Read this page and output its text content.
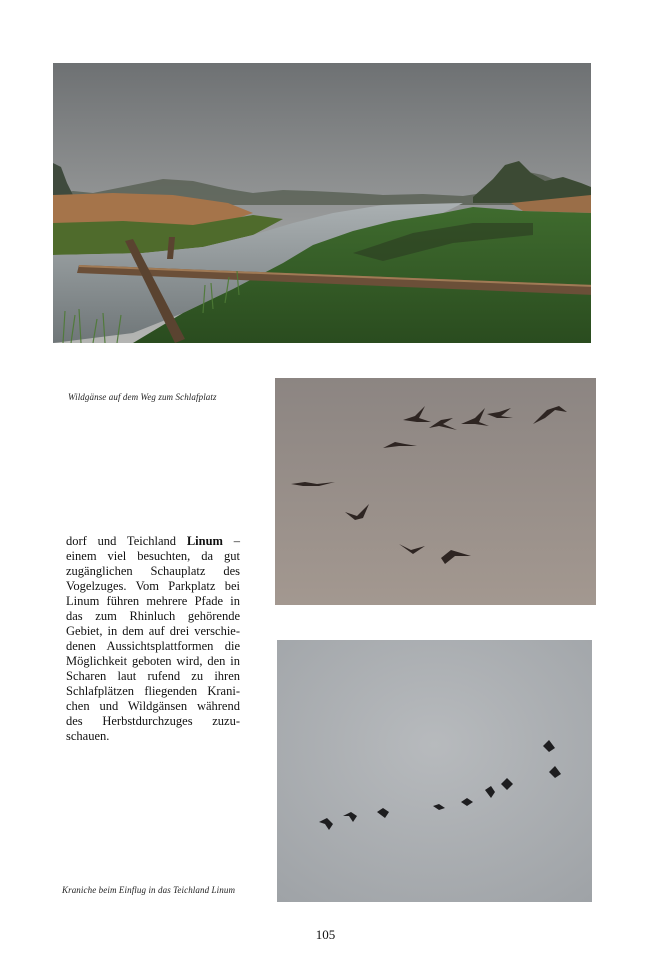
Wildgänse auf dem Weg zum Schlafplatz
dorf und Teichland Linum –
einem viel besuchten, da gut
zugänglichen Schauplatz des
Vogelzuges. Vom Parkplatz bei
Linum führen mehrere Pfade in
das zum Rhinluch gehörende
Gebiet, in dem auf drei verschie-
denen Aussichtsplattformen die
Möglichkeit geboten wird, den in
Scharen laut rufend zu ihren
Schlafplätzen fliegenden Krani-
chen und Wildgänsen während
des Herbstdurchzuges zuzu-
schauen.
Kraniche beim Einflug in das Teichland Linum
105
